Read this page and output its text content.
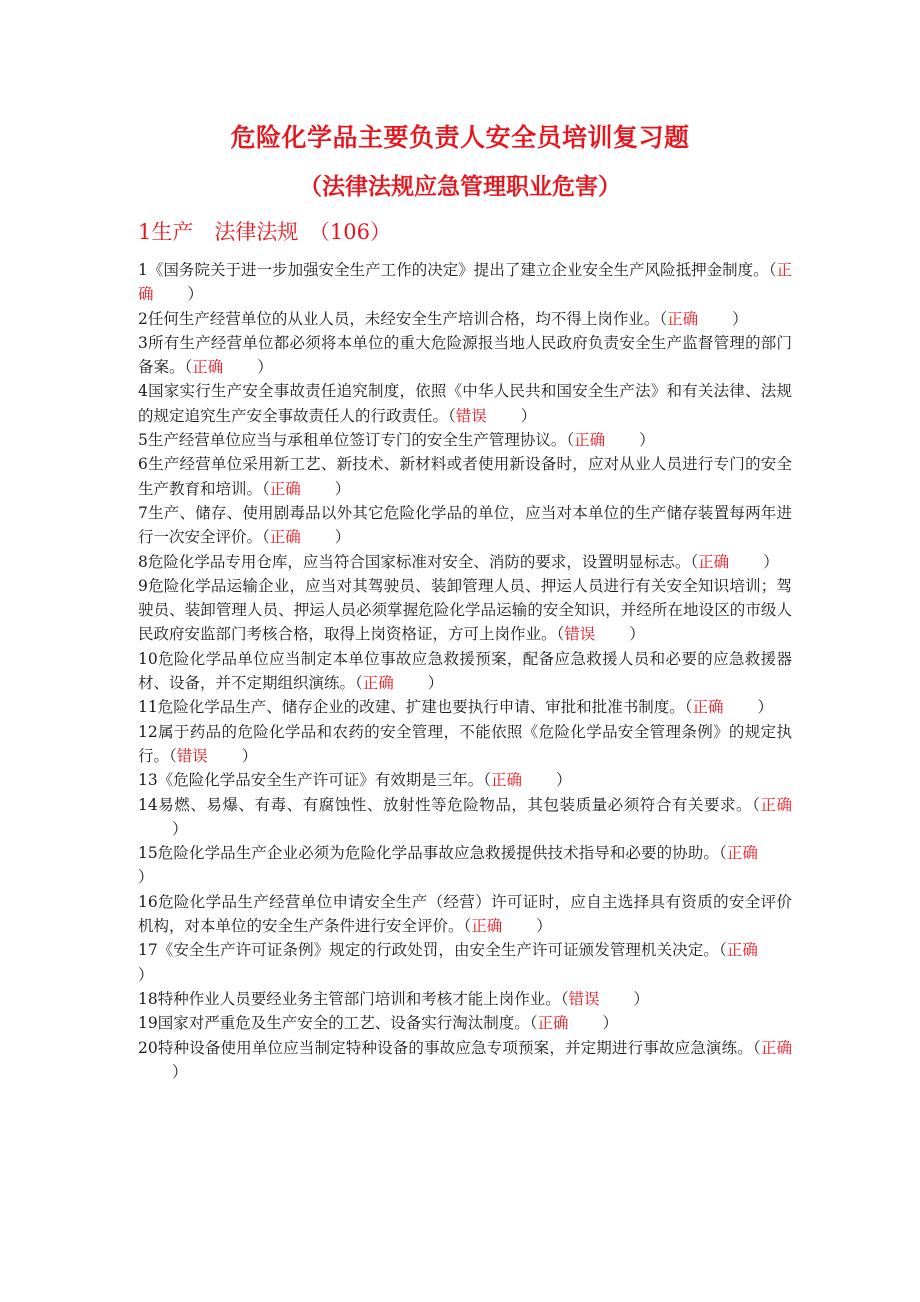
危险化学品主要负责人安全员培训复习题
（法律法规应急管理职业危害）
1生产　法律法规　（106）
1《国务院关于进一步加强安全生产工作的决定》提出了建立企业安全生产风险抵押金制度。（正确 ）
2任何生产经营单位的从业人员，未经安全生产培训合格，均不得上岗作业。（正确 ）
3所有生产经营单位都必须将本单位的重大危险源报当地人民政府负责安全生产监督管理的部门备案。（正确 ）
4国家实行生产安全事故责任追究制度，依照《中华人民共和国安全生产法》和有关法律、法规的规定追究生产安全事故责任人的行政责任。（错误 ）
5生产经营单位应当与承租单位签订专门的安全生产管理协议。（正确 ）
6生产经营单位采用新工艺、新技术、新材料或者使用新设备时，应对从业人员进行专门的安全生产教育和培训。（正确 ）
7生产、储存、使用剧毒品以外其它危险化学品的单位，应当对本单位的生产储存装置每两年进行一次安全评价。（正确 ）
8危险化学品专用仓库，应当符合国家标准对安全、消防的要求，设置明显标志。（正确 ）
9危险化学品运输企业，应当对其驾驶员、装卸管理人员、押运人员进行有关安全知识培训；驾驶员、装卸管理人员、押运人员必须掌握危险化学品运输的安全知识，并经所在地设区的市级人民政府安监部门考核合格，取得上岗资格证，方可上岗作业。（错误 ）
10危险化学品单位应当制定本单位事故应急救援预案，配备应急救援人员和必要的应急救援器材、设备，并不定期组织演练。（正确 ）
11危险化学品生产、储存企业的改建、扩建也要执行申请、审批和批准书制度。（正确 ）
12属于药品的危险化学品和农药的安全管理，不能依照《危险化学品安全管理条例》的规定执行。（错误 ）
13《危险化学品安全生产许可证》有效期是三年。（正确 ）
14易燃、易爆、有毒、有腐蚀性、放射性等危险物品，其包装质量必须符合有关要求。（正确）
15危险化学品生产企业必须为危险化学品事故应急救援提供技术指导和必要的协助。（正确）
16危险化学品生产经营单位申请安全生产（经营）许可证时，应自主选择具有资质的安全评价机构，对本单位的安全生产条件进行安全评价。（正确 ）
17《安全生产许可证条例》规定的行政处罚，由安全生产许可证颁发管理机关决定。（正确）
18特种作业人员要经业务主管部门培训和考核才能上岗作业。（错误 ）
19国家对严重危及生产安全的工艺、设备实行淘汰制度。（正确 ）
20特种设备使用单位应当制定特种设备的事故应急专项预案，并定期进行事故应急演练。（正确）
